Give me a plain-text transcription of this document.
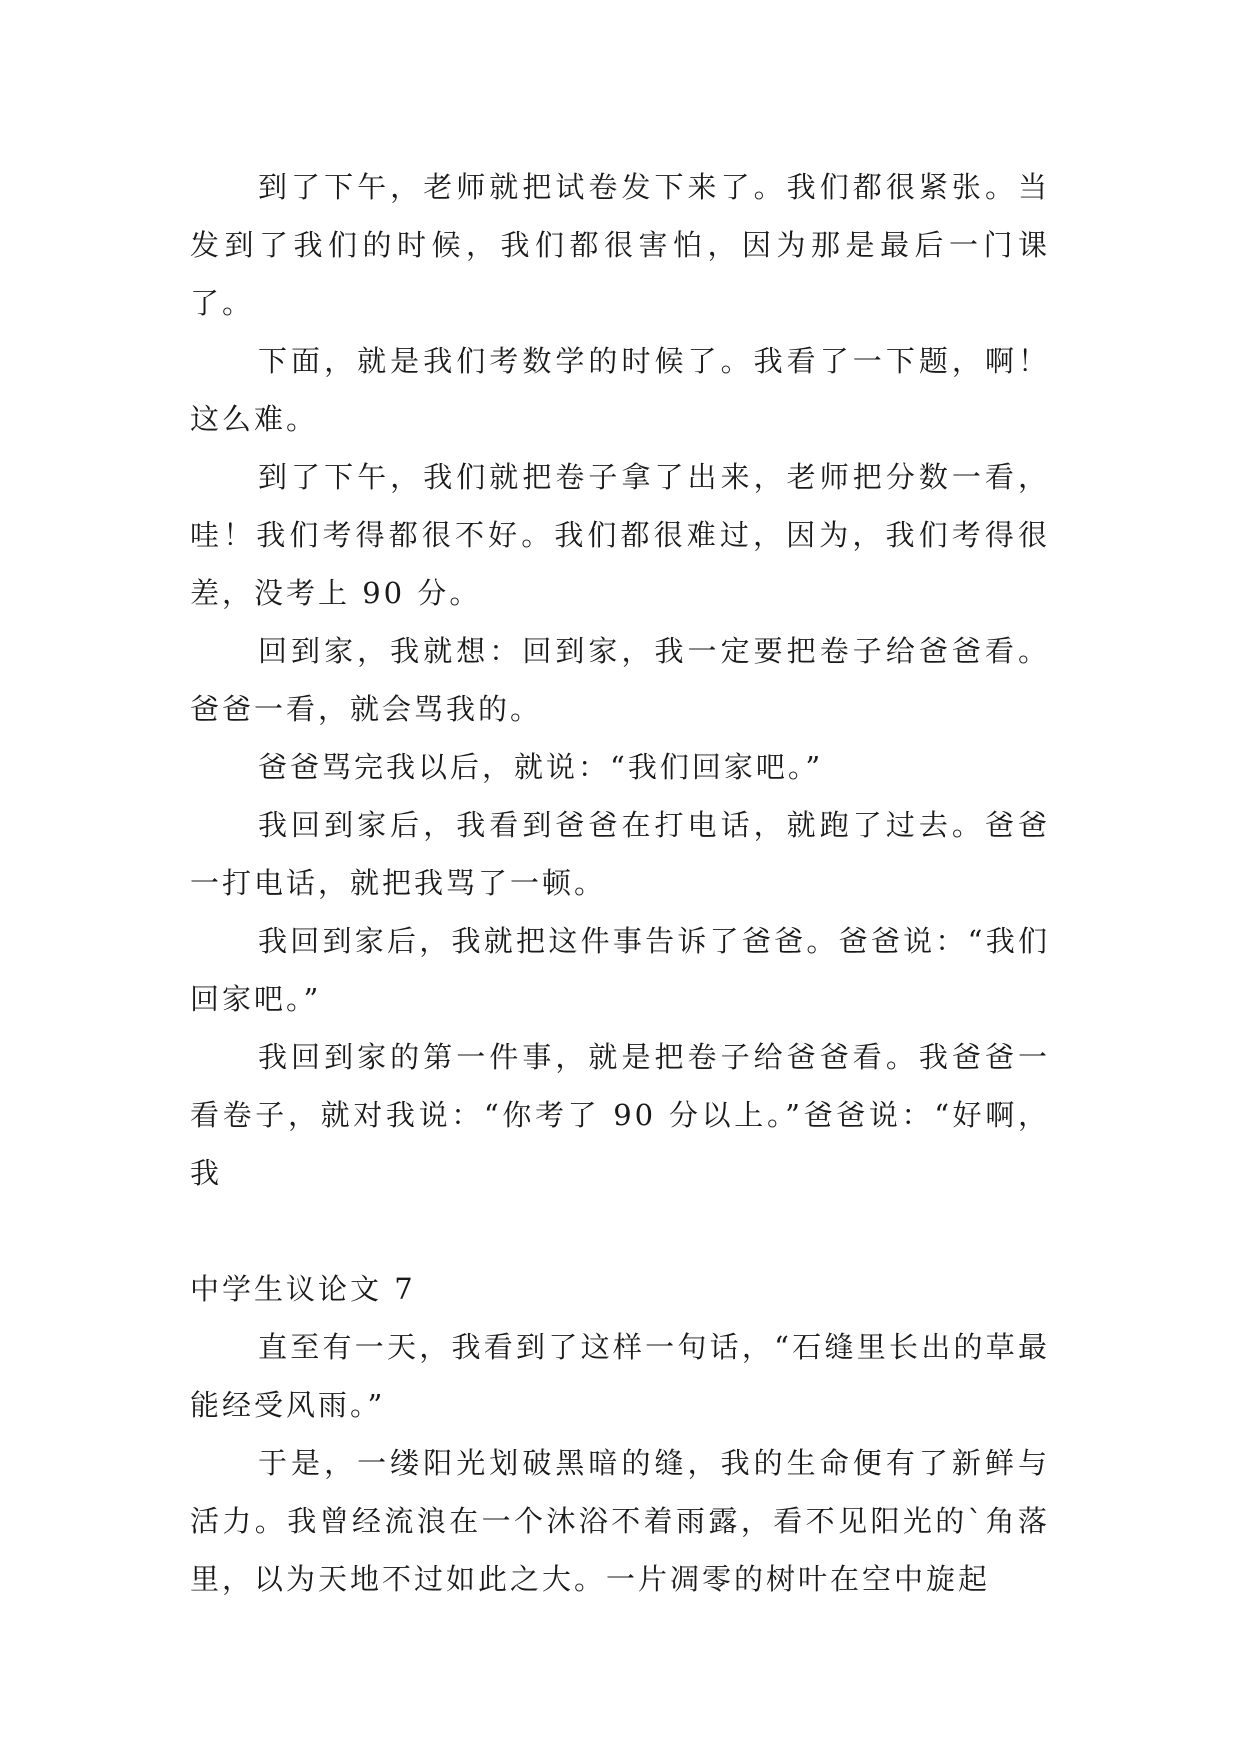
到了下午，老师就把试卷发下来了。我们都很紧张。当发到了我们的时候，我们都很害怕，因为那是最后一门课了。

下面，就是我们考数学的时候了。我看了一下题，啊！这么难。

到了下午，我们就把卷子拿了出来，老师把分数一看，哇！我们考得都很不好。我们都很难过，因为，我们考得很差，没考上 90 分。

回到家，我就想：回到家，我一定要把卷子给爸爸看。爸爸一看，就会骂我的。

爸爸骂完我以后，就说：“我们回家吧。”

我回到家后，我看到爸爸在打电话，就跑了过去。爸爸一打电话，就把我骂了一顿。

我回到家后，我就把这件事告诉了爸爸。爸爸说：“我们回家吧。”

我回到家的第一件事，就是把卷子给爸爸看。我爸爸一看卷子，就对我说：“你考了 90 分以上。”爸爸说：“好啊，我

中学生议论文 7

直至有一天，我看到了这样一句话，“石缝里长出的草最能经受风雨。”

于是，一缕阳光划破黑暗的缝，我的生命便有了新鲜与活力。我曾经流浪在一个沐浴不着雨露，看不见阳光的`角落里，以为天地不过如此之大。一片凋零的树叶在空中旋起
